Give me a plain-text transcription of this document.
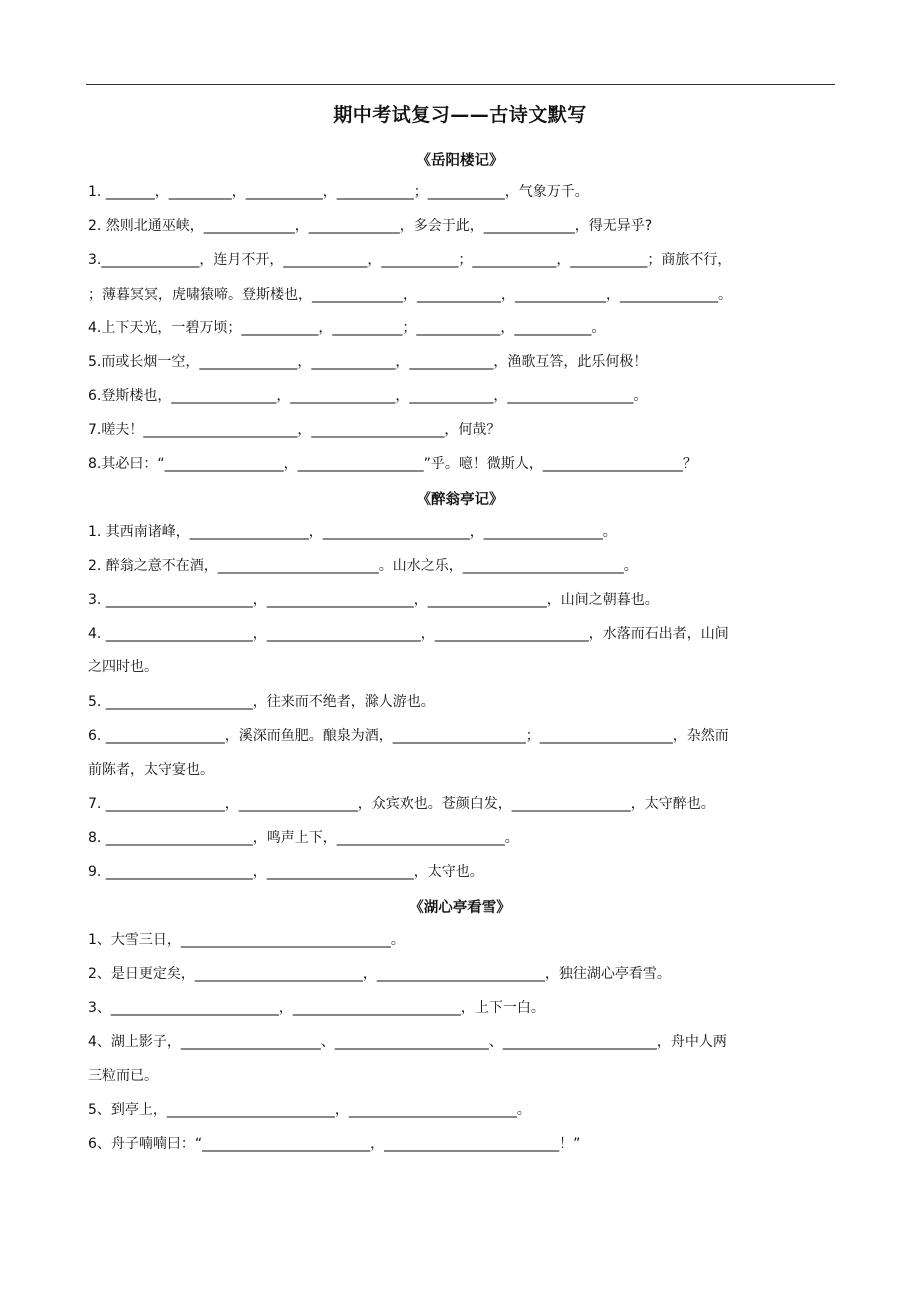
期中考试复习——古诗文默写
《岳阳楼记》
1. _______，_________，___________，___________；___________，气象万千。
2. 然则北通巫峡，_____________，_____________，多会于此，_____________，得无异乎?
3.______________，连月不开，____________，___________；____________，___________；商旅不行，
；薄暮冥冥，虎啸猿啼。登斯楼也，_____________，____________，_____________，______________。
4.上下天光，一碧万顷；___________，__________；____________，___________。
5.而或长烟一空，______________，____________，____________，渔歌互答，此乐何极！
6.登斯楼也，_______________，_______________，____________，__________________。
7.嗟夫！______________________，___________________，何哉？
8.其必曰：“_________________，__________________”乎。噫！微斯人，____________________？
《醉翁亭记》
1. 其西南诸峰，_________________，_____________________，_________________。
2. 醉翁之意不在酒，_______________________。山水之乐，_______________________。
3. _____________________，_____________________，_________________，山间之朝暮也。
4. _____________________，______________________，______________________，水落而石出者，山间
之四时也。
5. _____________________，往来而不绝者，滁人游也。
6. _________________，溪深而鱼肥。酿泉为酒，___________________；___________________，杂然而
前陈者，太守宴也。
7. _________________，_________________，众宾欢也。苍颜白发，_________________，太守醉也。
8. _____________________，鸣声上下，________________________。
9. _____________________，_____________________，太守也。
《湖心亭看雪》
1、大雪三日，______________________________。
2、是日更定矣，________________________，________________________，独往湖心亭看雪。
3、________________________，________________________，上下一白。
4、湖上影子，____________________、______________________、______________________，舟中人两
三粒而已。
5、到亭上，________________________，________________________。
6、舟子喃喃曰：“________________________，_________________________！”
